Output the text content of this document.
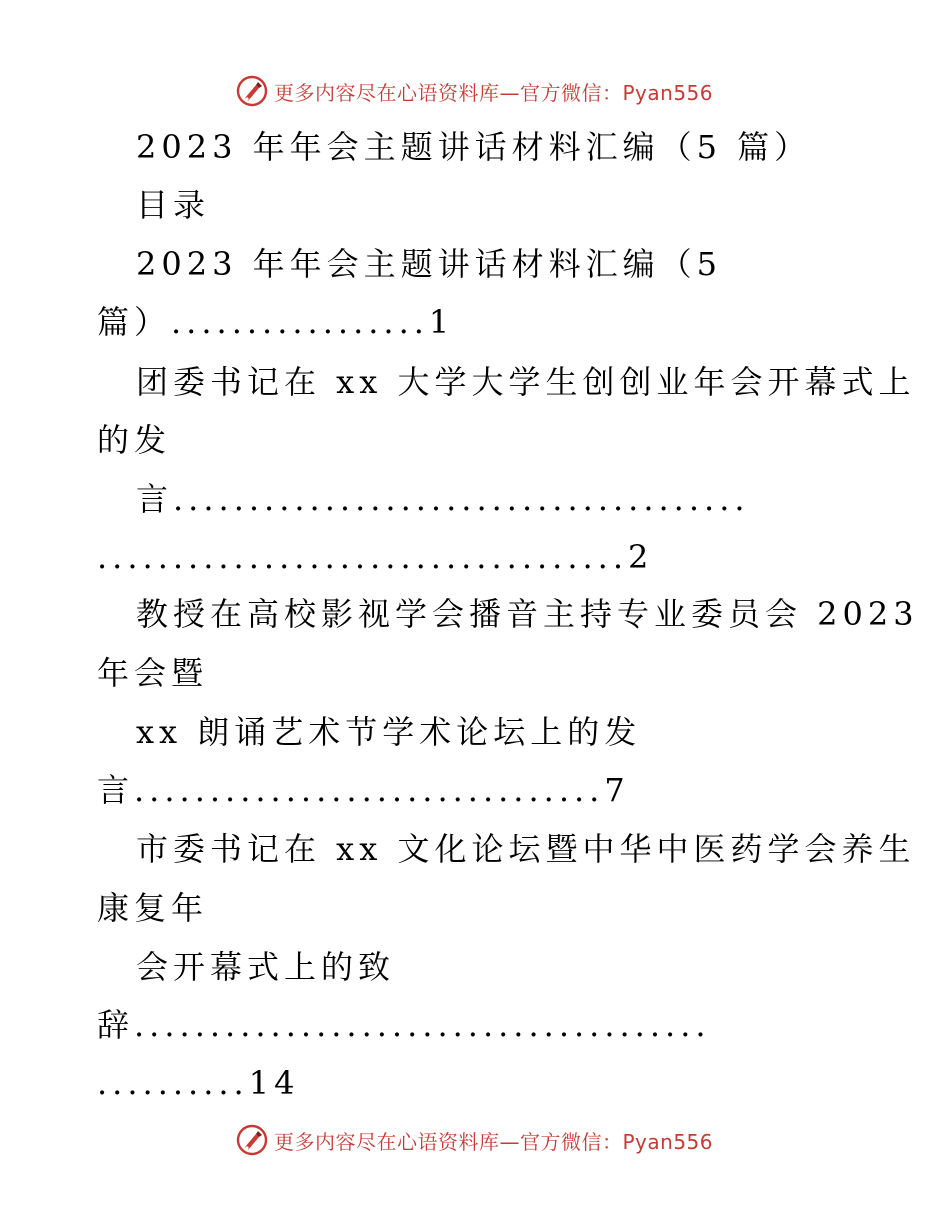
更多内容尽在心语资料库—官方微信：Pyan556

2023 年年会主题讲话材料汇编（5 篇）

目录

2023 年年会主题讲话材料汇编（5

篇）.................1

团委书记在 xx 大学大学生创创业年会开幕式上

的发

言......................................

...................................2

教授在高校影视学会播音主持专业委员会 2023

年会暨

xx 朗诵艺术节学术论坛上的发

言...............................7

市委书记在 xx 文化论坛暨中华中医药学会养生

康复年

会开幕式上的致

辞......................................

..........14

更多内容尽在心语资料库—官方微信：Pyan556
